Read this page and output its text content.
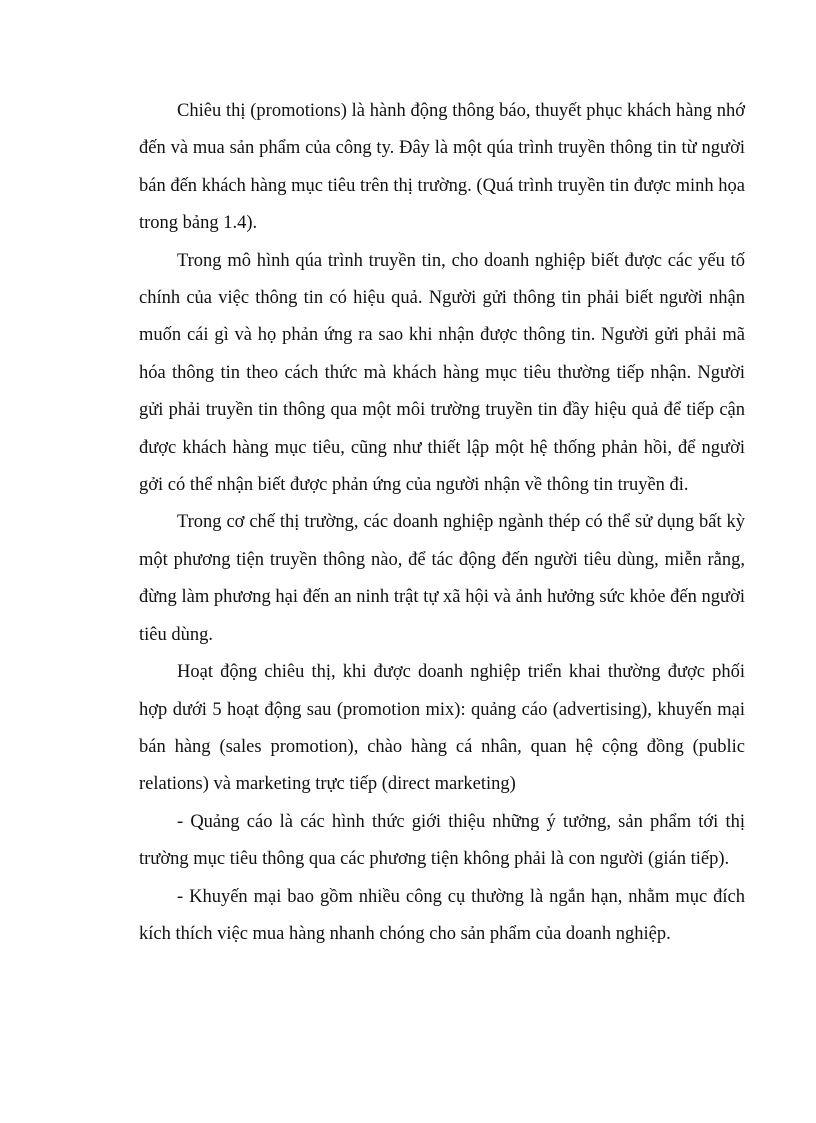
Chiêu thị (promotions) là hành động thông báo, thuyết phục khách hàng nhớ đến và mua sản phẩm của công ty. Đây là một qúa trình truyền thông tin từ người bán đến khách hàng mục tiêu trên thị trường. (Quá trình truyền tin được minh họa trong bảng 1.4).

Trong mô hình qúa trình truyền tin, cho doanh nghiệp biết được các yếu tố chính của việc thông tin có hiệu quả. Người gửi thông tin phải biết người nhận muốn cái gì và họ phản ứng ra sao khi nhận được thông tin. Người gửi phải mã hóa thông tin theo cách thức mà khách hàng mục tiêu thường tiếp nhận. Người gửi phải truyền tin thông qua một môi trường truyền tin đầy hiệu quả để tiếp cận được khách hàng mục tiêu, cũng như thiết lập một hệ thống phản hồi, để người gởi có thể nhận biết được phản ứng của người nhận về thông tin truyền đi.

Trong cơ chế thị trường, các doanh nghiệp ngành thép có thể sử dụng bất kỳ một phương tiện truyền thông nào, để tác động đến người tiêu dùng, miễn rằng, đừng làm phương hại đến an ninh trật tự xã hội và ảnh hưởng sức khỏe đến người tiêu dùng.

Hoạt động chiêu thị, khi được doanh nghiệp triển khai thường được phối hợp dưới 5 hoạt động sau (promotion mix): quảng cáo (advertising), khuyến mại bán hàng (sales promotion), chào hàng cá nhân, quan hệ cộng đồng (public relations) và marketing trực tiếp (direct marketing)

- Quảng cáo là các hình thức giới thiệu những ý tưởng, sản phẩm tới thị trường mục tiêu thông qua các phương tiện không phải là con người (gián tiếp).

- Khuyến mại bao gồm nhiều công cụ thường là ngắn hạn, nhằm mục đích kích thích việc mua hàng nhanh chóng cho sản phẩm của doanh nghiệp.
